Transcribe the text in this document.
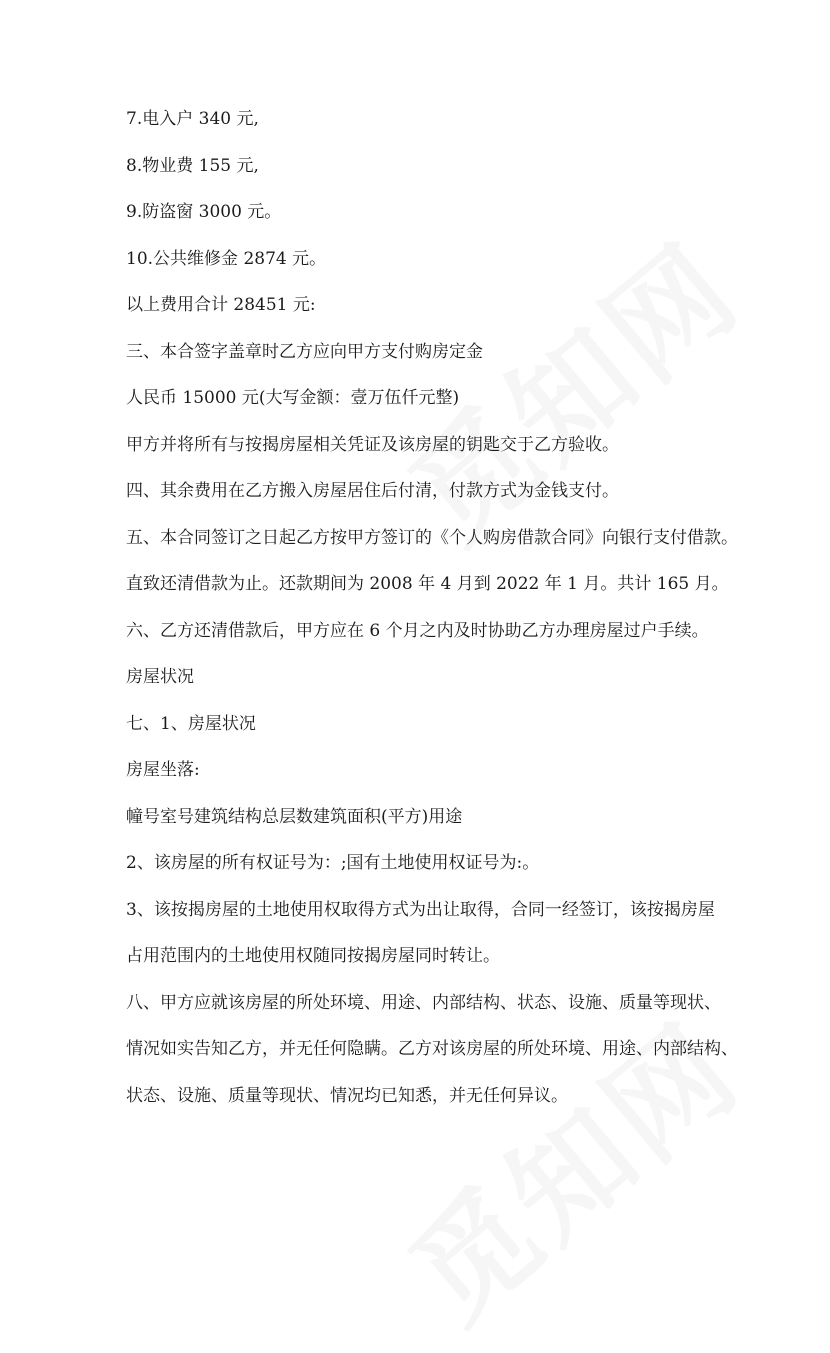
7.电入户 340 元,
8.物业费 155 元,
9.防盗窗 3000 元。
10.公共维修金 2874 元。
以上费用合计 28451 元:
三、本合签字盖章时乙方应向甲方支付购房定金
人民币 15000 元(大写金额：壹万伍仟元整)
甲方并将所有与按揭房屋相关凭证及该房屋的钥匙交于乙方验收。
四、其余费用在乙方搬入房屋居住后付清，付款方式为金钱支付。
五、本合同签订之日起乙方按甲方签订的《个人购房借款合同》向银行支付借款。
直致还清借款为止。还款期间为 2008 年 4 月到 2022 年 1 月。共计 165 月。
六、乙方还清借款后，甲方应在 6 个月之内及时协助乙方办理房屋过户手续。
房屋状况
七、1、房屋状况
房屋坐落:
幢号室号建筑结构总层数建筑面积(平方)用途
2、该房屋的所有权证号为：;国有土地使用权证号为:。
3、该按揭房屋的土地使用权取得方式为出让取得，合同一经签订，该按揭房屋
占用范围内的土地使用权随同按揭房屋同时转让。
八、甲方应就该房屋的所处环境、用途、内部结构、状态、设施、质量等现状、
情况如实告知乙方，并无任何隐瞒。乙方对该房屋的所处环境、用途、内部结构、
状态、设施、质量等现状、情况均已知悉，并无任何异议。
